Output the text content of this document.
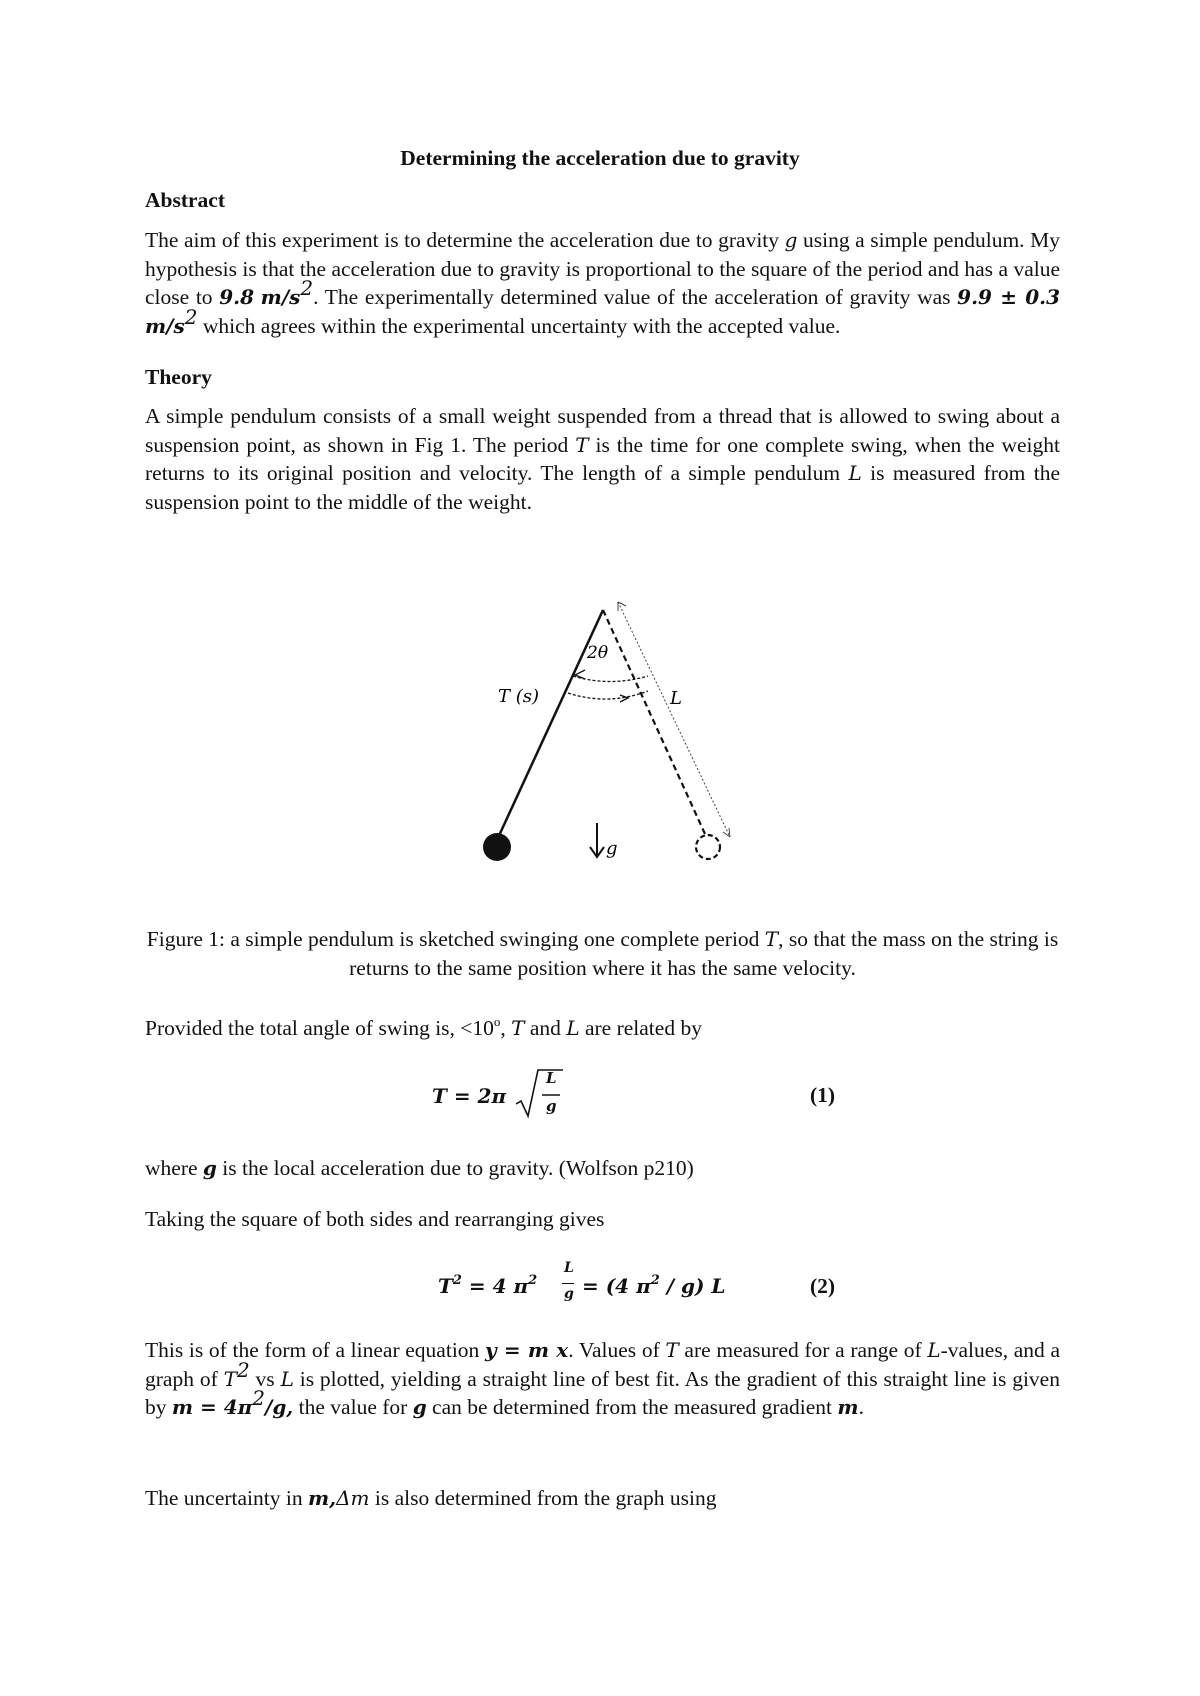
Determining the acceleration due to gravity
Abstract
The aim of this experiment is to determine the acceleration due to gravity g using a simple pendulum. My hypothesis is that the acceleration due to gravity is proportional to the square of the period and has a value close to 9.8 $m/s^2$. The experimentally determined value of the acceleration of gravity was 9.9 ± 0.3 $m/s^2$ which agrees within the experimental uncertainty with the accepted value.
Theory
A simple pendulum consists of a small weight suspended from a thread that is allowed to swing about a suspension point, as shown in Fig 1. The period T is the time for one complete swing, when the weight returns to its original position and velocity. The length of a simple pendulum L is measured from the suspension point to the middle of the weight.
2θ
T (s)	L
g
Figure 1: a simple pendulum is sketched swinging one complete period T, so that the mass on the string is returns to the same position where it has the same velocity.
Provided the total angle of swing is, $<10^o$, T and L are related by
T = 2π
L
g	(1)
where g is the local acceleration due to gravity. (Wolfson p210)
Taking the square of both sides and rearranging gives
$T^2 = 4$ $\pi^2$
L
g = (4 $\pi^2 / g$) L	(2)
This is of the form of a linear equation y = m x. Values of T are measured for a range of L-values, and a graph of $T^2$ vs L is plotted, yielding a straight line of best fit. As the gradient of this straight line is given by $m = 4\pi^2/g$, the value for g can be determined from the measured gradient m.
The uncertainty in m,Δm is also determined from the graph using
